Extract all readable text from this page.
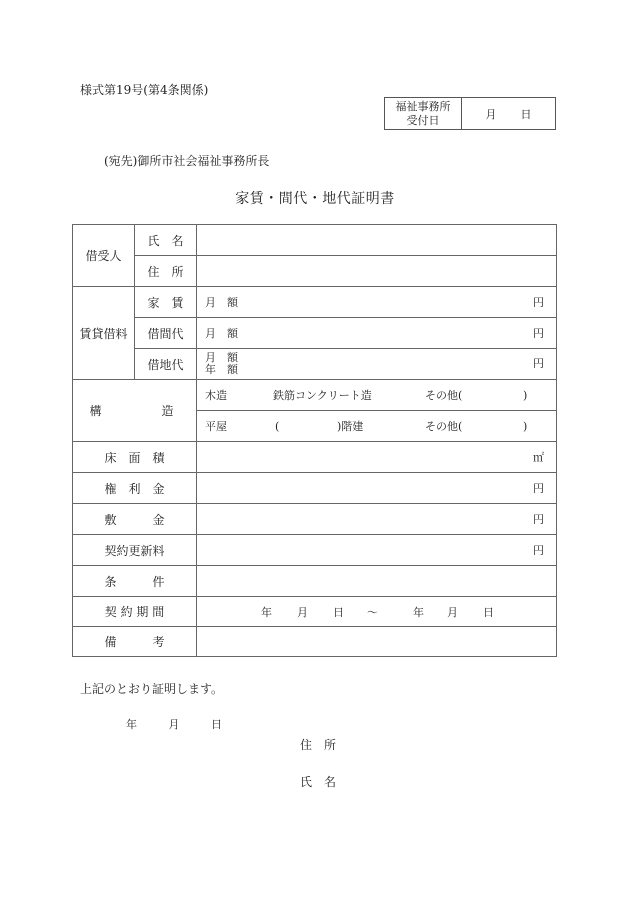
様式第19号(第4条関係)
福祉事務所
受付日	月 日
(宛先)御所市社会福祉事務所長
家賃・間代・地代証明書
借受人
氏　名
住　所
賃貸借料
家　賃 月　額	円
借間代 月　額	円
借地代 月　額
年　額	円
構　　　造
木造	鉄筋コンクリート造	その他(	)
平屋	(	)階建	その他(	)
床　面　積	㎡
権　利　金	円
敷　　　金	円
契約更新料	円
条　　　件
契 約 期 間	年 月 日 ～	年 月 日
備　　　考
上記のとおり証明します。
年	月	日
住　所
氏　名
